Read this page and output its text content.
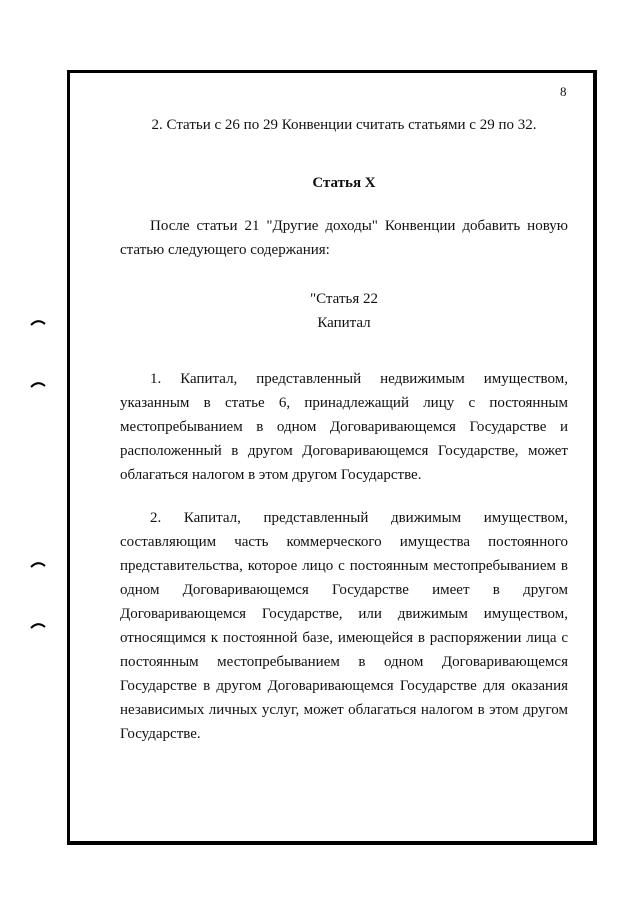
8

2. Статьи с 26 по 29 Конвенции считать статьями с 29 по 32.

Статья X

После статьи 21 "Другие доходы" Конвенции добавить новую статью следующего содержания:

"Статья 22

Капитал

1. Капитал, представленный недвижимым имуществом, указанным в статье 6, принадлежащий лицу с постоянным местопребыванием в одном Договаривающемся Государстве и расположенный в другом Договаривающемся Государстве, может облагаться налогом в этом другом Государстве.

2. Капитал, представленный движимым имуществом, составляющим часть коммерческого имущества постоянного представительства, которое лицо с постоянным местопребыванием в одном Договаривающемся Государстве имеет в другом Договаривающемся Государстве, или движимым имуществом, относящимся к постоянной базе, имеющейся в распоряжении лица с постоянным местопребыванием в одном Договаривающемся Государстве в другом Договаривающемся Государстве для оказания независимых личных услуг, может облагаться налогом в этом другом Государстве.
